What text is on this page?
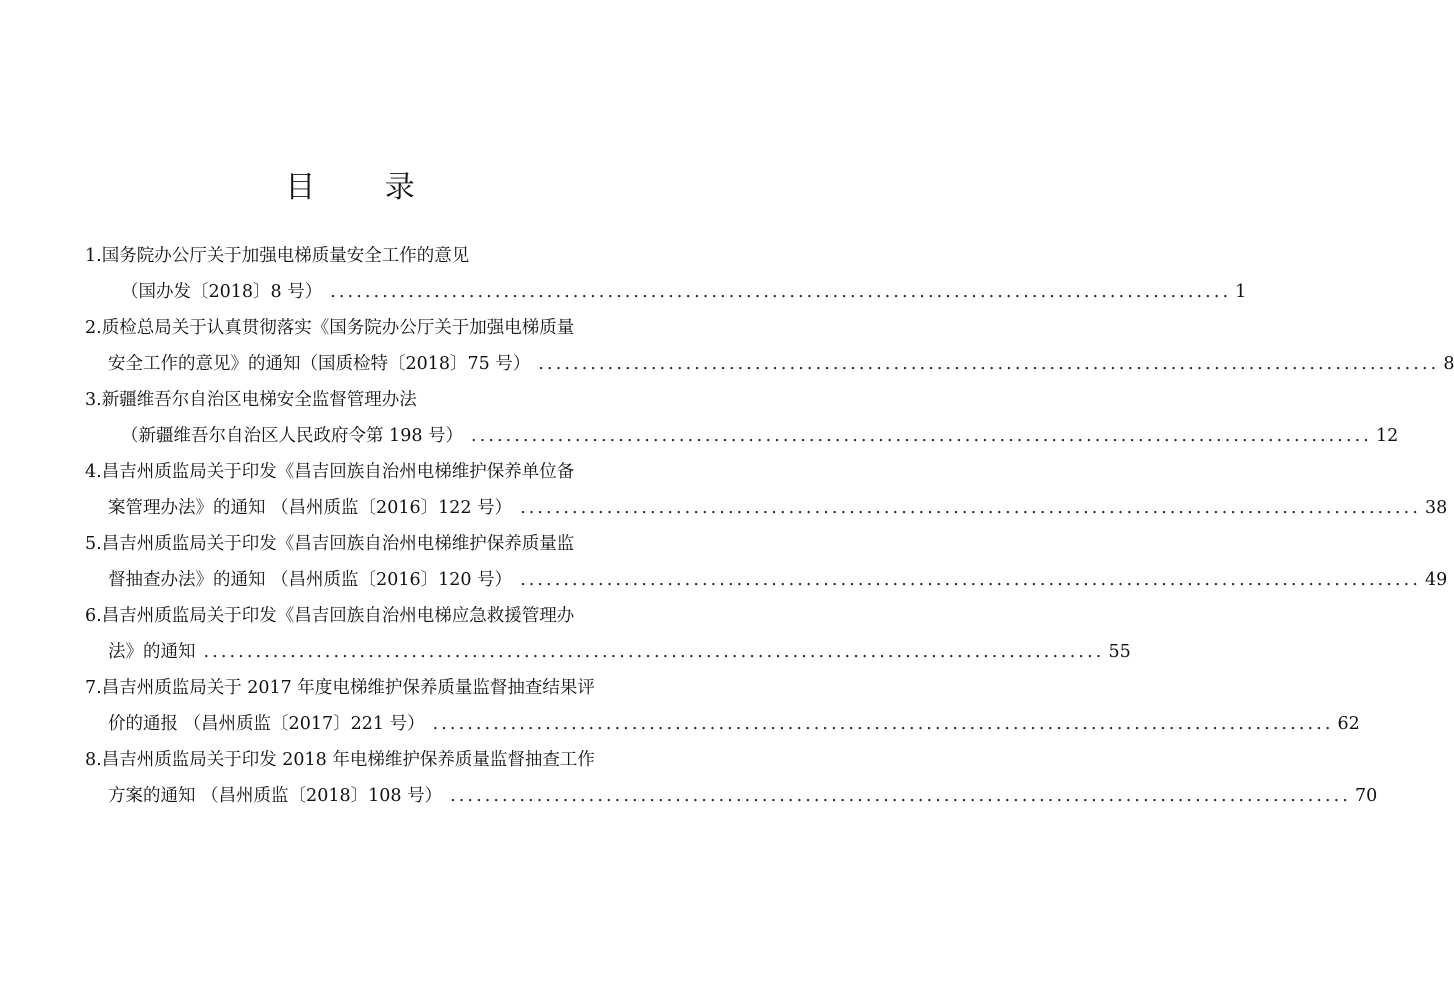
目 录
1.国务院办公厅关于加强电梯质量安全工作的意见
（国办发〔2018〕8 号） ........................................................................................................ 1
2.质检总局关于认真贯彻落实《国务院办公厅关于加强电梯质量
安全工作的意见》的通知（国质检特〔2018〕75 号） ........................................................................................................ 8
3.新疆维吾尔自治区电梯安全监督管理办法
（新疆维吾尔自治区人民政府令第 198 号） ........................................................................................................ 12
4.昌吉州质监局关于印发《昌吉回族自治州电梯维护保养单位备
案管理办法》的通知 （昌州质监〔2016〕122 号） ........................................................................................................ 38
5.昌吉州质监局关于印发《昌吉回族自治州电梯维护保养质量监
督抽查办法》的通知 （昌州质监〔2016〕120 号） ........................................................................................................ 49
6.昌吉州质监局关于印发《昌吉回族自治州电梯应急救援管理办
法》的通知 ........................................................................................................ 55
7.昌吉州质监局关于 2017 年度电梯维护保养质量监督抽查结果评
价的通报 （昌州质监〔2017〕221 号） ........................................................................................................ 62
8.昌吉州质监局关于印发 2018 年电梯维护保养质量监督抽查工作
方案的通知 （昌州质监〔2018〕108 号） ........................................................................................................ 70
